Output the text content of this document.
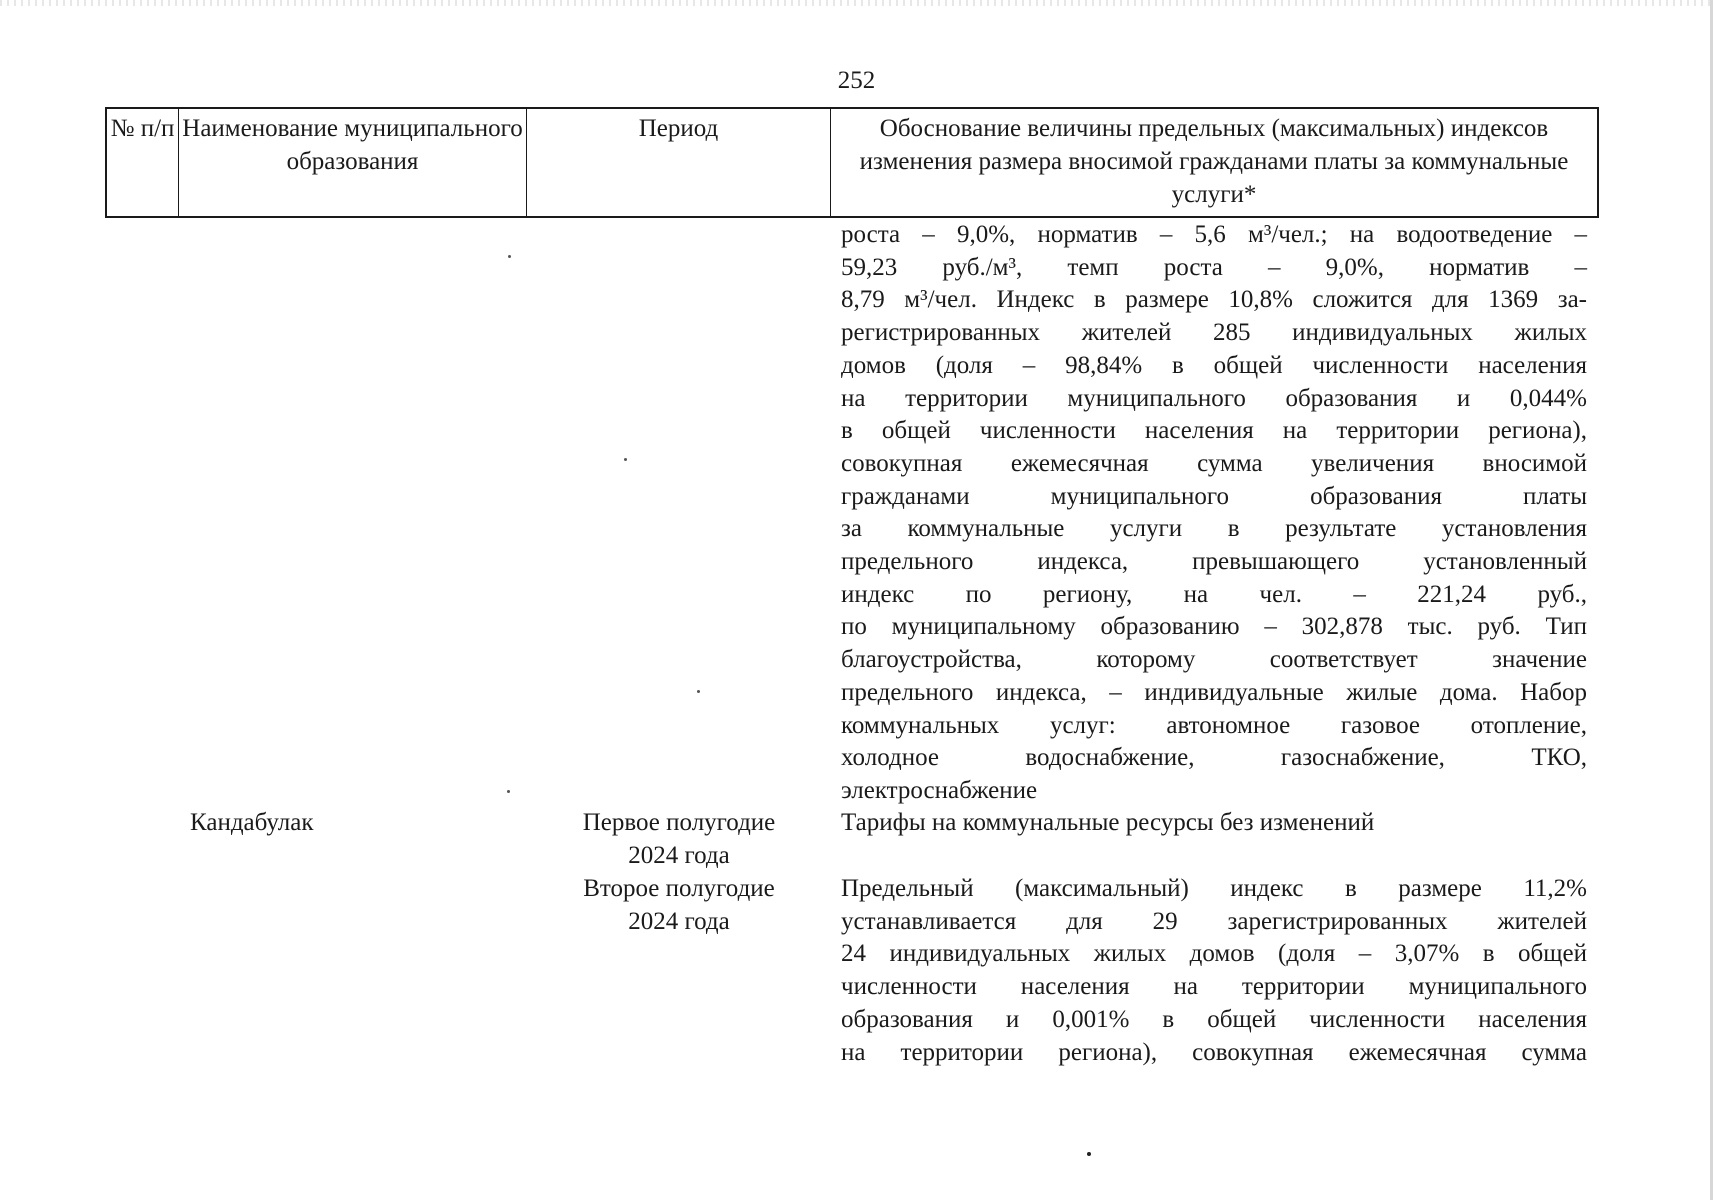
252
№ п/п Наименование муниципального образования
Период	Обоснование величины предельных (максимальных) индексов изменения размера вносимой гражданами платы за коммунальные услуги*
роста – 9,0%, норматив – 5,6 м³/чел.; на водоотведение –
59,23 руб./м³, темп роста – 9,0%, норматив –
8,79 м³/чел. Индекс в размере 10,8% сложится для 1369 за-
регистрированных жителей 285 индивидуальных жилых
домов (доля – 98,84% в общей численности населения
на территории муниципального образования и 0,044%
в общей численности населения на территории региона),
совокупная ежемесячная сумма увеличения вносимой
гражданами муниципального образования платы
за коммунальные услуги в результате установления
предельного индекса, превышающего установленный
индекс по региону, на чел. – 221,24 руб.,
по муниципальному образованию – 302,878 тыс. руб. Тип
благоустройства, которому соответствует значение
предельного индекса, – индивидуальные жилые дома. Набор
коммунальных услуг: автономное газовое отопление,
холодное водоснабжение, газоснабжение, ТКО,
электроснабжение
Кандабулак	Первое полугодие
2024 года
Тарифы на коммунальные ресурсы без изменений
Второе полугодие
2024 года
Предельный (максимальный) индекс в размере 11,2%
устанавливается для 29 зарегистрированных жителей
24 индивидуальных жилых домов (доля – 3,07% в общей
численности населения на территории муниципального
образования и 0,001% в общей численности населения
на территории региона), совокупная ежемесячная сумма
